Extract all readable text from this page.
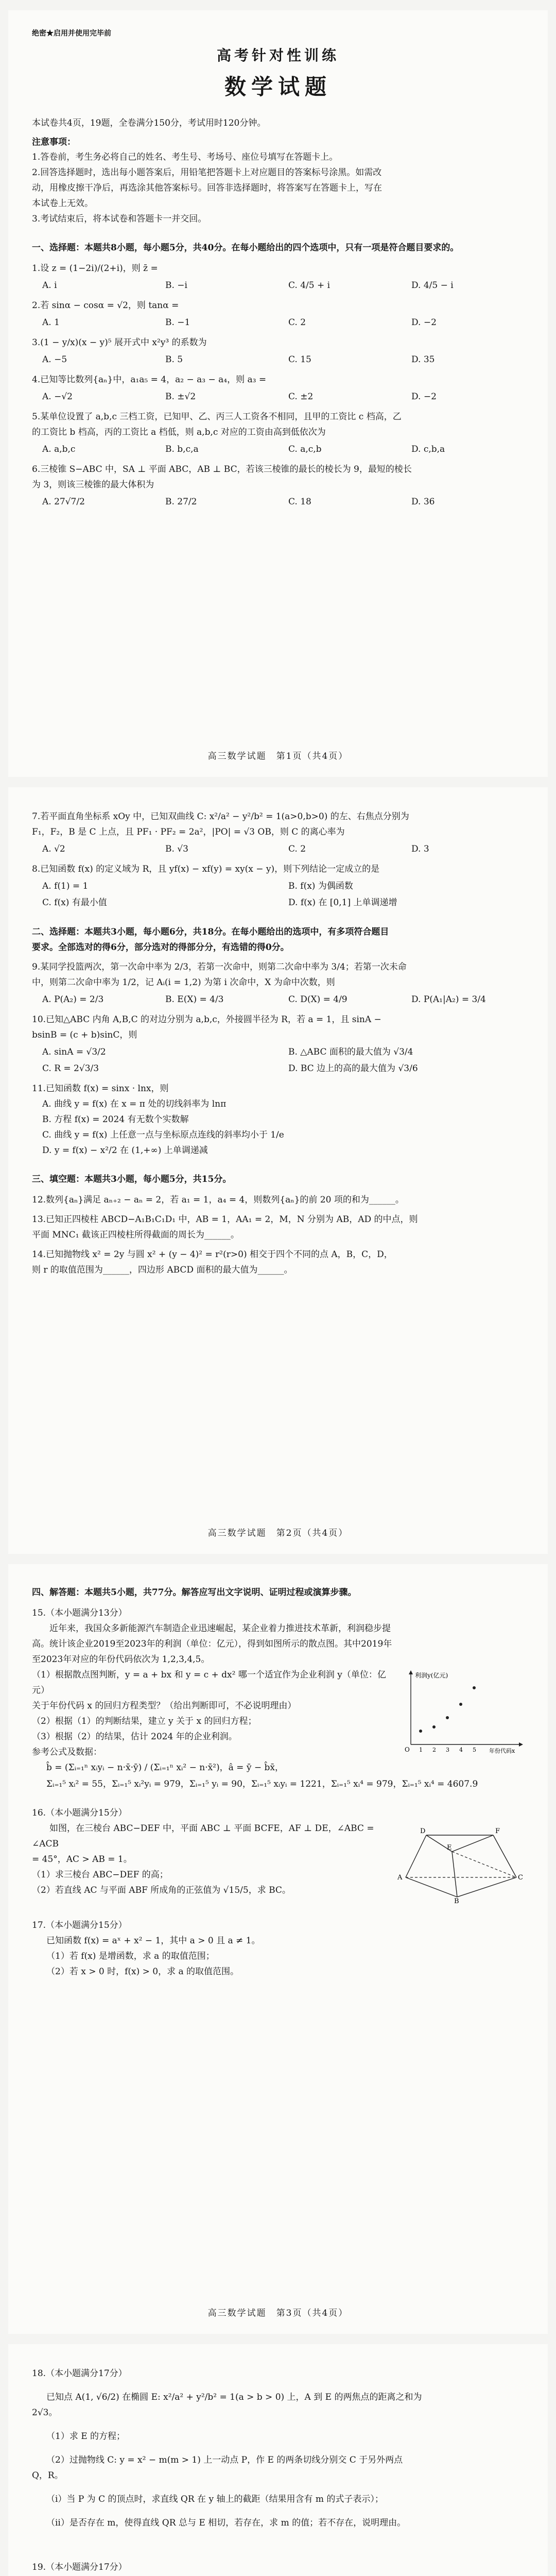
绝密★启用并使用完毕前

高考针对性训练
数学试题

本试卷共4页，19题，全卷满分150分，考试用时120分钟。

注意事项：

1.答卷前，考生务必将自己的姓名、考生号、考场号、座位号填写在答题卡上。

2.回答选择题时，选出每小题答案后，用铅笔把答题卡上对应题目的答案标号涂黑。如需改

动，用橡皮擦干净后，再选涂其他答案标号。回答非选择题时，将答案写在答题卡上，写在

本试卷上无效。

3.考试结束后，将本试卷和答题卡一并交回。

一、选择题：本题共8小题，每小题5分，共40分。在每小题给出的四个选项中，只有一项是符合题目要求的。

1.设 z = (1−2i)/(2+i)，则 z̄ =

A. i	B. −i	C. 4/5 + i	D. 4/5 − i

2.若 sinα − cosα = √2，则 tanα =

A. 1	B. −1	C. 2	D. −2

3.(1 − y/x)(x − y)⁵ 展开式中 x²y³ 的系数为

A. −5	B. 5	C. 15	D. 35

4.已知等比数列{aₙ}中，a₁a₅ = 4，a₂ − a₃ − a₄，则 a₃ =

A. −√2	B. ±√2	C. ±2	D. −2

5.某单位设置了 a,b,c 三档工资，已知甲、乙、丙三人工资各不相同，且甲的工资比 c 档高，乙

的工资比 b 档高，丙的工资比 a 档低，则 a,b,c 对应的工资由高到低依次为

A. a,b,c	B. b,c,a	C. a,c,b	D. c,b,a

6.三棱锥 S−ABC 中，SA ⊥ 平面 ABC，AB ⊥ BC，若该三棱锥的最长的棱长为 9，最短的棱长

为 3，则该三棱锥的最大体积为

A. 27√7/2	B. 27/2	C. 18	D. 36
高三数学试题　第1页（共4页）

7.若平面直角坐标系 xOy 中，已知双曲线 C: x²/a² − y²/b² = 1(a>0,b>0) 的左、右焦点分别为

F₁，F₂，B 是 C 上点，且 PF₁ · PF₂ = 2a²，|PO| = √3 OB，则 C 的离心率为

A. √2	B. √3	C. 2	D. 3

8.已知函数 f(x) 的定义域为 R，且 yf(x) − xf(y) = xy(x − y)，则下列结论一定成立的是

A. f(1) = 1	B. f(x) 为偶函数
C. f(x) 有最小值	D. f(x) 在 [0,1] 上单调递增

二、选择题：本题共3小题，每小题6分，共18分。在每小题给出的选项中，有多项符合题目

要求。全部选对的得6分，部分选对的得部分分，有选错的得0分。

9.某同学投篮两次，第一次命中率为 2/3，若第一次命中，则第二次命中率为 3/4；若第一次未命

中，则第二次命中率为 1/2，记 Aᵢ(i = 1,2) 为第 i 次命中，X 为命中次数，则

A. P(A₂) = 2/3	B. E(X) = 4/3	C. D(X) = 4/9	D. P(A₁|A₂) = 3/4

10.已知△ABC 内角 A,B,C 的对边分别为 a,b,c，外接圆半径为 R，若 a = 1，且 sinA −

bsinB = (c + b)sinC，则

A. sinA = √3/2	B. △ABC 面积的最大值为 √3/4
C. R = 2√3/3	D. BC 边上的高的最大值为 √3/6

11.已知函数 f(x) = sinx · lnx，则

A. 曲线 y = f(x) 在 x = π 处的切线斜率为 lnπ

B. 方程 f(x) = 2024 有无数个实数解

C. 曲线 y = f(x) 上任意一点与坐标原点连线的斜率均小于 1/e

D. y = f(x) − x²/2 在 (1,+∞) 上单调递减

三、填空题：本题共3小题，每小题5分，共15分。

12.数列{aₙ}满足 aₙ₊₂ − aₙ = 2，若 a₁ = 1，a₄ = 4，则数列{aₙ}的前 20 项的和为______。

13.已知正四棱柱 ABCD−A₁B₁C₁D₁ 中，AB = 1，AA₁ = 2，M，N 分别为 AB，AD 的中点，则

平面 MNC₁ 截该正四棱柱所得截面的周长为______。

14.已知抛物线 x² = 2y 与圆 x² + (y − 4)² = r²(r>0) 相交于四个不同的点 A，B，C，D，

则 r 的取值范围为______，四边形 ABCD 面积的最大值为______。

高三数学试题　第2页（共4页）

四、解答题：本题共5小题，共77分。解答应写出文字说明、证明过程或演算步骤。

15.（本小题满分13分）

　　近年来，我国众多新能源汽车制造企业迅速崛起，某企业着力推进技术革新，利润稳步提

高。统计该企业2019至2023年的利润（单位：亿元），得到如图所示的散点图。其中2019年

至2023年对应的年份代码依次为 1,2,3,4,5。

（1）根据散点图判断，y = a + bx 和 y = c + dx² 哪一个适宜作为企业利润 y（单位：亿元）

关于年份代码 x 的回归方程类型？（给出判断即可，不必说明理由）

（2）根据（1）的判断结果，建立 y 关于 x 的回归方程；

（3）根据（2）的结果，估计 2024 年的企业利润。

参考公式及数据：

利润y(亿元)
年份代码x
O 1 2 3 4 5

b̂ = (Σᵢ₌₁ⁿ xᵢyᵢ − n·x̄·ȳ) / (Σᵢ₌₁ⁿ xᵢ² − n·x̄²)，â = ȳ − b̂x̄，

Σᵢ₌₁⁵ xᵢ² = 55，Σᵢ₌₁⁵ xᵢ²yᵢ = 979，Σᵢ₌₁⁵ yᵢ = 90，Σᵢ₌₁⁵ xᵢyᵢ = 1221，Σᵢ₌₁⁵ xᵢ⁴ = 979，Σᵢ₌₁⁵ xᵢ⁴ = 4607.9

16.（本小题满分15分）

　　如图，在三棱台 ABC−DEF 中，平面 ABC ⊥ 平面 BCFE，AF ⊥ DE，∠ABC = ∠ACB

= 45°，AC > AB = 1。

（1）求三棱台 ABC−DEF 的高；

（2）若直线 AC 与平面 ABF 所成角的正弦值为 √15/5，求 BC。

D
E
F
A
B
C

17.（本小题满分15分）

已知函数 f(x) = aˣ + x² − 1，其中 a > 0 且 a ≠ 1。

（1）若 f(x) 是增函数，求 a 的取值范围；

（2）若 x > 0 时，f(x) > 0，求 a 的取值范围。

高三数学试题　第3页（共4页）

18.（本小题满分17分）

已知点 A(1, √6/2) 在椭圆 E: x²/a² + y²/b² = 1(a > b > 0) 上，A 到 E 的两焦点的距离之和为

2√3。

（1）求 E 的方程；

（2）过抛物线 C: y = x² − m(m > 1) 上一动点 P，作 E 的两条切线分别交 C 于另外两点

Q，R。

（i）当 P 为 C 的顶点时，求直线 QR 在 y 轴上的截距（结果用含有 m 的式子表示）；

（ii）是否存在 m，使得直线 QR 总与 E 相切，若存在，求 m 的值；若不存在，说明理由。

19.（本小题满分17分）
